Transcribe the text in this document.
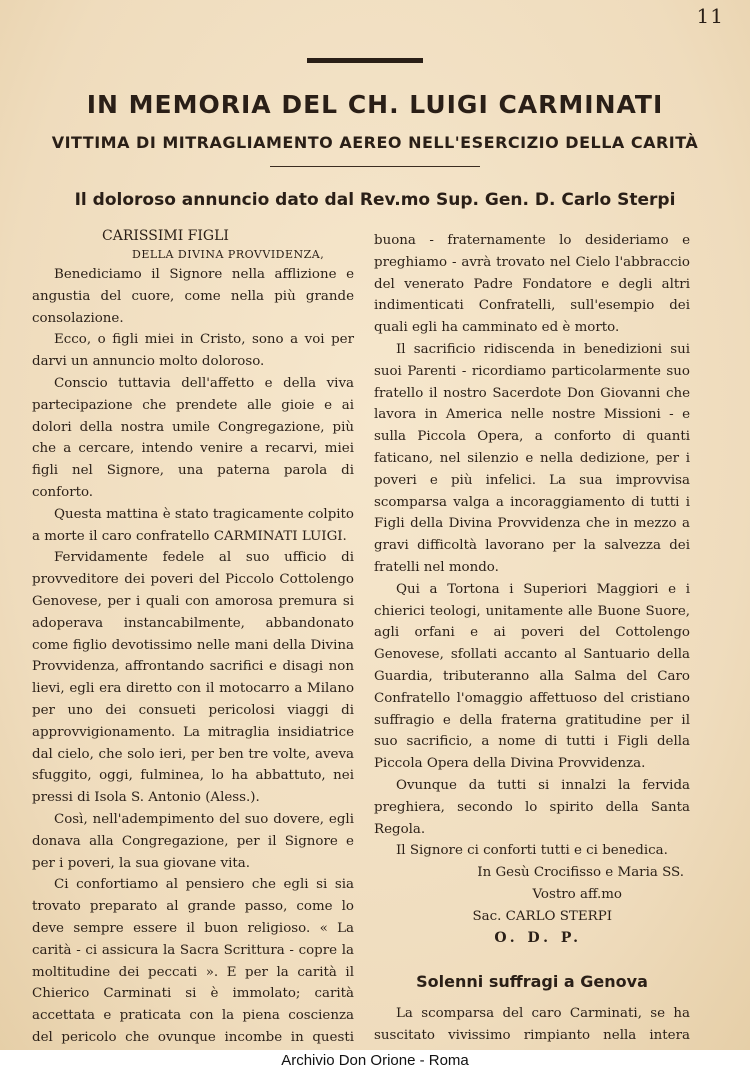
11
IN MEMORIA DEL CH. LUIGI CARMINATI
VITTIMA DI MITRAGLIAMENTO AEREO NELL'ESERCIZIO DELLA CARITÀ
Il doloroso annuncio dato dal Rev.mo Sup. Gen. D. Carlo Sterpi
CARISSIMI FIGLI
DELLA DIVINA PROVVIDENZA,

Benediciamo il Signore nella afflizione e angustia del cuore, come nella più grande consolazione.

Ecco, o figli miei in Cristo, sono a voi per darvi un annuncio molto doloroso.

Conscio tuttavia dell'affetto e della viva partecipazione che prendete alle gioie e ai dolori della nostra umile Congregazione, più che a cercare, intendo venire a recarvi, miei figli nel Signore, una paterna parola di conforto.

Questa mattina è stato tragicamente colpito a morte il caro confratello CARMINATI LUIGI.

Fervidamente fedele al suo ufficio di provveditore dei poveri del Piccolo Cottolengo Genovese, per i quali con amorosa premura si adoperava instancabilmente, abbandonato come figlio devotissimo nelle mani della Divina Provvidenza, affrontando sacrifici e disagi non lievi, egli era diretto con il motocarro a Milano per uno dei consueti pericolosi viaggi di approvvigionamento. La mitraglia insidiatrice dal cielo, che solo ieri, per ben tre volte, aveva sfuggito, oggi, fulminea, lo ha abbattuto, nei pressi di Isola S. Antonio (Aless.).

Così, nell'adempimento del suo dovere, egli donava alla Congregazione, per il Signore e per i poveri, la sua giovane vita.

Ci confortiamo al pensiero che egli si sia trovato preparato al grande passo, come lo deve sempre essere il buon religioso. « La carità - ci assicura la Sacra Scrittura - copre la moltitudine dei peccati ». E per la carità il Chierico Carminati si è immolato; carità accettata e praticata con la piena coscienza del pericolo che ovunque incombe in questi

buona - fraternamente lo desideriamo e preghiamo - avrà trovato nel Cielo l'abbraccio del venerato Padre Fondatore e degli altri indimenticati Confratelli, sull'esempio dei quali egli ha camminato ed è morto.

Il sacrificio ridiscenda in benedizioni sui suoi Parenti - ricordiamo particolarmente suo fratello il nostro Sacerdote Don Giovanni che lavora in America nelle nostre Missioni - e sulla Piccola Opera, a conforto di quanti faticano, nel silenzio e nella dedizione, per i poveri e più infelici. La sua improvvisa scomparsa valga a incoraggiamento di tutti i Figli della Divina Provvidenza che in mezzo a gravi difficoltà lavorano per la salvezza dei fratelli nel mondo.

Qui a Tortona i Superiori Maggiori e i chierici teologi, unitamente alle Buone Suore, agli orfani e ai poveri del Cottolengo Genovese, sfollati accanto al Santuario della Guardia, tributeranno alla Salma del Caro Confratello l'omaggio affettuoso del cristiano suffragio e della fraterna gratitudine per il suo sacrificio, a nome di tutti i Figli della Piccola Opera della Divina Provvidenza.

Ovunque da tutti si innalzi la fervida preghiera, secondo lo spirito della Santa Regola.

Il Signore ci conforti tutti e ci benedica.

In Gesù Crocifisso e Maria SS.

Vostro aff.mo

Sac. CARLO STERPI

O. D. P.

Solenni suffragi a Genova

La scomparsa del caro Carminati, se ha suscitato vivissimo rimpianto nella intera

Archivio Don Orione - Roma
